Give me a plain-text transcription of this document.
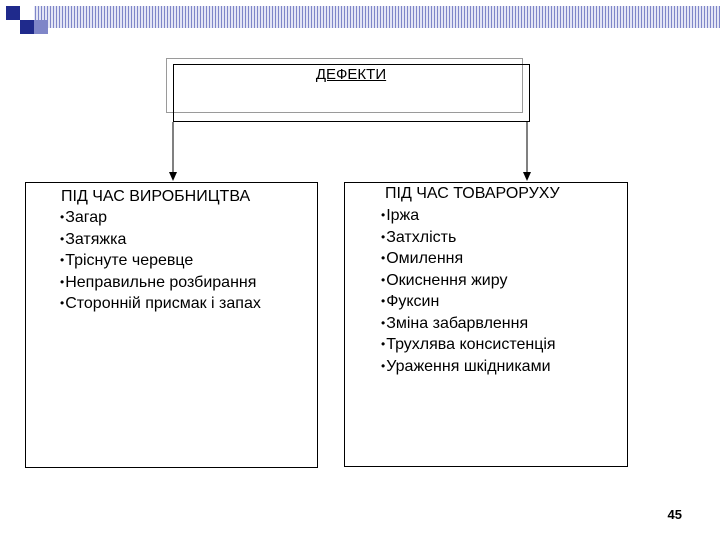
ДЕФЕКТИ
ПІД ЧАС ВИРОБНИЦТВА
•Загар
•Затяжка
•Тріснуте черевце
•Неправильне розбирання
•Сторонній присмак і запах
ПІД ЧАС ТОВАРОРУХУ
•Іржа
•Затхлість
•Омилення
•Окиснення жиру
•Фуксин
•Зміна забарвлення
•Трухлява консистенція
•Ураження шкідниками
45
